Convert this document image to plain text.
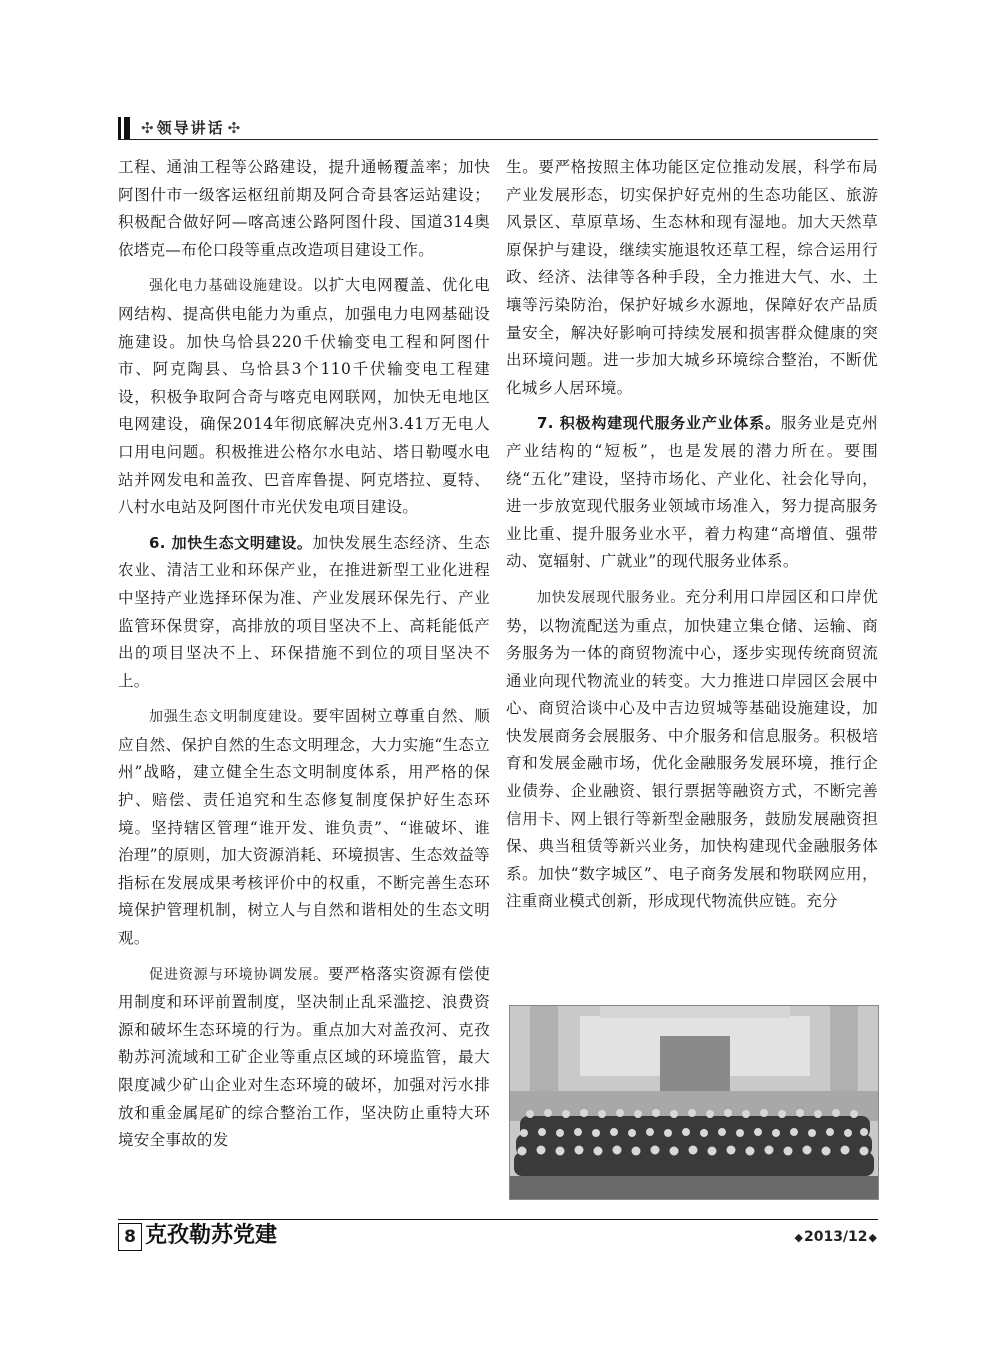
✣ 领导讲话 ✣

工程、通油工程等公路建设，提升通畅覆盖率；加快阿图什市一级客运枢纽前期及阿合奇县客运站建设；积极配合做好阿—喀高速公路阿图什段、国道314奥依塔克—布伦口段等重点改造项目建设工作。

强化电力基础设施建设。以扩大电网覆盖、优化电网结构、提高供电能力为重点，加强电力电网基础设施建设。加快乌恰县220千伏输变电工程和阿图什市、阿克陶县、乌恰县3个110千伏输变电工程建设，积极争取阿合奇与喀克电网联网，加快无电地区电网建设，确保2014年彻底解决克州3.41万无电人口用电问题。积极推进公格尔水电站、塔日勒嘎水电站并网发电和盖孜、巴音库鲁提、阿克塔拉、夏特、八村水电站及阿图什市光伏发电项目建设。

6. 加快生态文明建设。加快发展生态经济、生态农业、清洁工业和环保产业，在推进新型工业化进程中坚持产业选择环保为准、产业发展环保先行、产业监管环保贯穿，高排放的项目坚决不上、高耗能低产出的项目坚决不上、环保措施不到位的项目坚决不上。

加强生态文明制度建设。要牢固树立尊重自然、顺应自然、保护自然的生态文明理念，大力实施“生态立州”战略，建立健全生态文明制度体系，用严格的保护、赔偿、责任追究和生态修复制度保护好生态环境。坚持辖区管理“谁开发、谁负责”、“谁破坏、谁治理”的原则，加大资源消耗、环境损害、生态效益等指标在发展成果考核评价中的权重，不断完善生态环境保护管理机制，树立人与自然和谐相处的生态文明观。

促进资源与环境协调发展。要严格落实资源有偿使用制度和环评前置制度，坚决制止乱采滥挖、浪费资源和破坏生态环境的行为。重点加大对盖孜河、克孜勒苏河流域和工矿企业等重点区域的环境监管，最大限度减少矿山企业对生态环境的破坏，加强对污水排放和重金属尾矿的综合整治工作，坚决防止重特大环境安全事故的发

生。要严格按照主体功能区定位推动发展，科学布局产业发展形态，切实保护好克州的生态功能区、旅游风景区、草原草场、生态林和现有湿地。加大天然草原保护与建设，继续实施退牧还草工程，综合运用行政、经济、法律等各种手段，全力推进大气、水、土壤等污染防治，保护好城乡水源地，保障好农产品质量安全，解决好影响可持续发展和损害群众健康的突出环境问题。进一步加大城乡环境综合整治，不断优化城乡人居环境。

7. 积极构建现代服务业产业体系。服务业是克州产业结构的“短板”，也是发展的潜力所在。要围绕“五化”建设，坚持市场化、产业化、社会化导向，进一步放宽现代服务业领域市场准入，努力提高服务业比重、提升服务业水平，着力构建“高增值、强带动、宽辐射、广就业”的现代服务业体系。

加快发展现代服务业。充分利用口岸园区和口岸优势，以物流配送为重点，加快建立集仓储、运输、商务服务为一体的商贸物流中心，逐步实现传统商贸流通业向现代物流业的转变。大力推进口岸园区会展中心、商贸洽谈中心及中吉边贸城等基础设施建设，加快发展商务会展服务、中介服务和信息服务。积极培育和发展金融市场，优化金融服务发展环境，推行企业债券、企业融资、银行票据等融资方式，不断完善信用卡、网上银行等新型金融服务，鼓励发展融资担保、典当租赁等新兴业务，加快构建现代金融服务体系。加快“数字城区”、电子商务发展和物联网应用，注重商业模式创新，形成现代物流供应链。充分

8 克孜勒苏党建	◆2013/12◆
